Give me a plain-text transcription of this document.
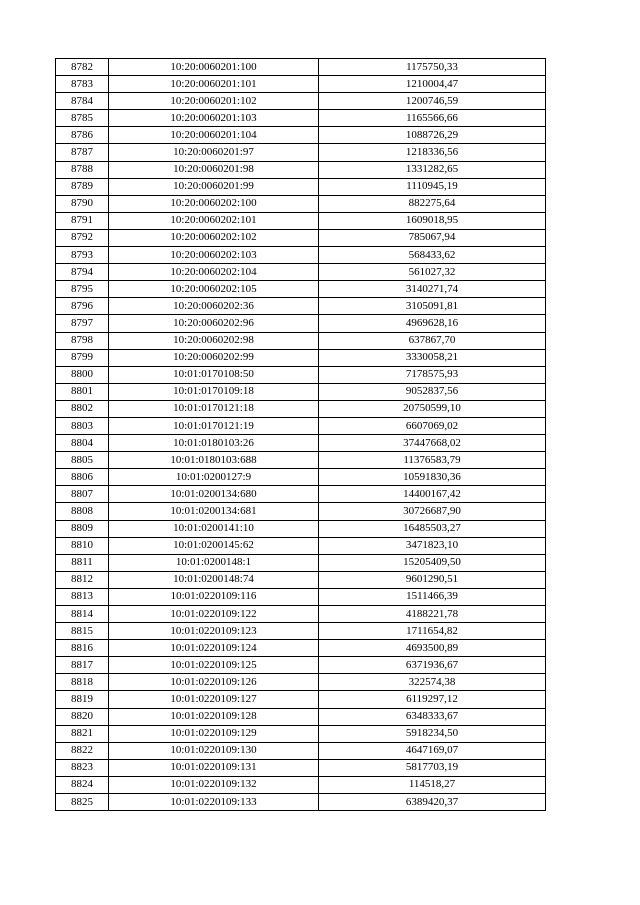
8782	10:20:0060201:100	1175750,33
8783	10:20:0060201:101	1210004,47
8784	10:20:0060201:102	1200746,59
8785	10:20:0060201:103	1165566,66
8786	10:20:0060201:104	1088726,29
8787	10:20:0060201:97	1218336,56
8788	10:20:0060201:98	1331282,65
8789	10:20:0060201:99	1110945,19
8790	10:20:0060202:100	882275,64
8791	10:20:0060202:101	1609018,95
8792	10:20:0060202:102	785067,94
8793	10:20:0060202:103	568433,62
8794	10:20:0060202:104	561027,32
8795	10:20:0060202:105	3140271,74
8796	10:20:0060202:36	3105091,81
8797	10:20:0060202:96	4969628,16
8798	10:20:0060202:98	637867,70
8799	10:20:0060202:99	3330058,21
8800	10:01:0170108:50	7178575,93
8801	10:01:0170109:18	9052837,56
8802	10:01:0170121:18	20750599,10
8803	10:01:0170121:19	6607069,02
8804	10:01:0180103:26	37447668,02
8805	10:01:0180103:688	11376583,79
8806	10:01:0200127:9	10591830,36
8807	10:01:0200134:680	14400167,42
8808	10:01:0200134:681	30726687,90
8809	10:01:0200141:10	16485503,27
8810	10:01:0200145:62	3471823,10
8811	10:01:0200148:1	15205409,50
8812	10:01:0200148:74	9601290,51
8813	10:01:0220109:116	1511466,39
8814	10:01:0220109:122	4188221,78
8815	10:01:0220109:123	1711654,82
8816	10:01:0220109:124	4693500,89
8817	10:01:0220109:125	6371936,67
8818	10:01:0220109:126	322574,38
8819	10:01:0220109:127	6119297,12
8820	10:01:0220109:128	6348333,67
8821	10:01:0220109:129	5918234,50
8822	10:01:0220109:130	4647169,07
8823	10:01:0220109:131	5817703,19
8824	10:01:0220109:132	114518,27
8825	10:01:0220109:133	6389420,37
